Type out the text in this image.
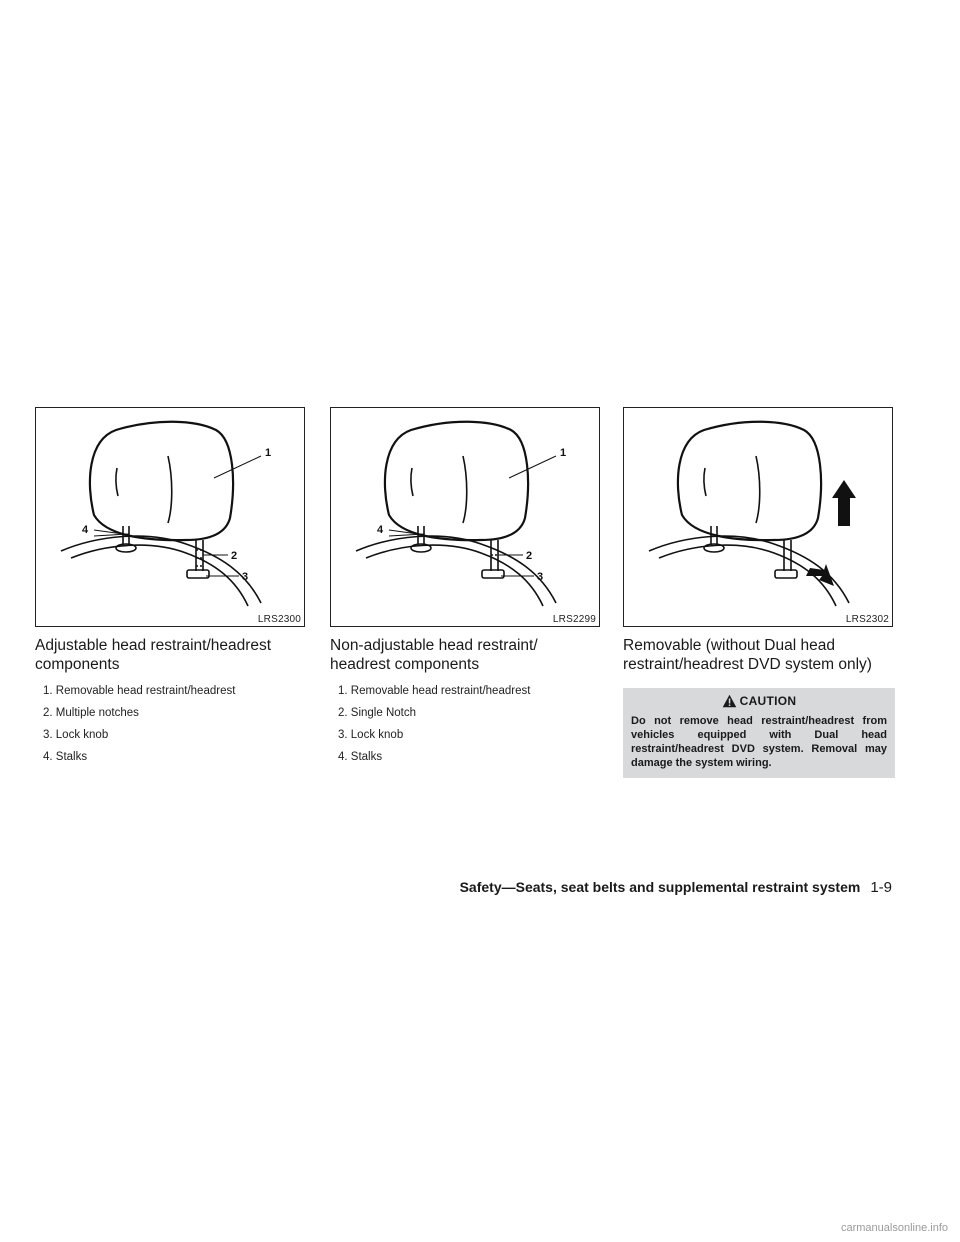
1
2
3
4
LRS2300
Adjustable head restraint/headrest components
1. Removable head restraint/headrest
2. Multiple notches
3. Lock knob
4. Stalks
1
2
3
4
LRS2299
Non-adjustable head restraint/ headrest components
1. Removable head restraint/headrest
2. Single Notch
3. Lock knob
4. Stalks
LRS2302
Removable (without Dual head restraint/headrest DVD system only)
CAUTION
Do not remove head restraint/headrest from vehicles equipped with Dual head restraint/headrest DVD system. Removal may damage the system wiring.
Safety—Seats, seat belts and supplemental restraint system 1-9
carmanualsonline.info
